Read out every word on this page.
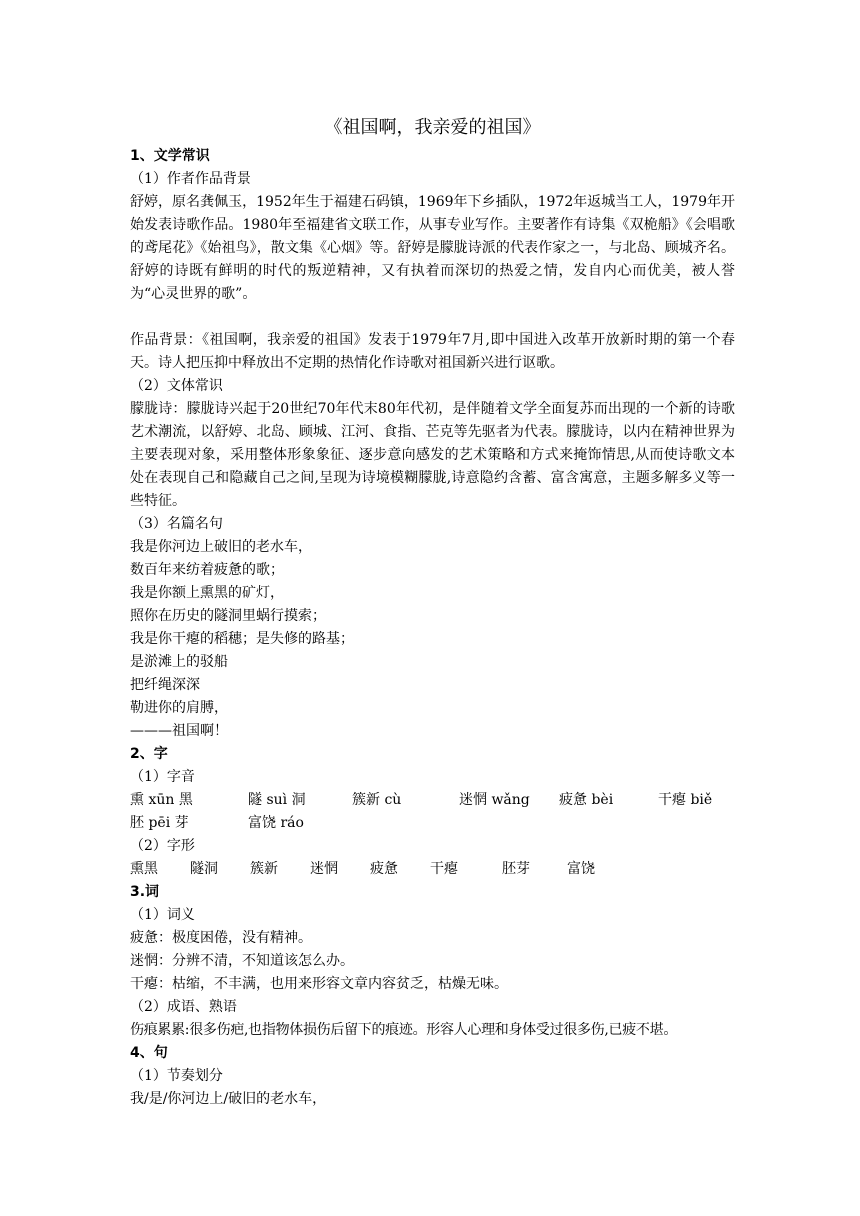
《祖国啊，我亲爱的祖国》
1、文学常识
（1）作者作品背景
舒婷，原名龚佩玉，1952年生于福建石码镇，1969年下乡插队，1972年返城当工人，1979年开始发表诗歌作品。1980年至福建省文联工作，从事专业写作。主要著作有诗集《双桅船》《会唱歌的鸢尾花》《始祖鸟》，散文集《心烟》等。舒婷是朦胧诗派的代表作家之一，与北岛、顾城齐名。舒婷的诗既有鲜明的时代的叛逆精神，又有执着而深切的热爱之情，发自内心而优美，被人誉为“心灵世界的歌”。
作品背景：《祖国啊，我亲爱的祖国》发表于1979年7月,即中国进入改革开放新时期的第一个春天。诗人把压抑中释放出不定期的热情化作诗歌对祖国新兴进行讴歌。
（2）文体常识
朦胧诗：朦胧诗兴起于20世纪70年代末80年代初，是伴随着文学全面复苏而出现的一个新的诗歌艺术潮流，以舒婷、北岛、顾城、江河、食指、芒克等先驱者为代表。朦胧诗，以内在精神世界为主要表现对象，采用整体形象象征、逐步意向感发的艺术策略和方式来掩饰情思,从而使诗歌文本处在表现自己和隐藏自己之间,呈现为诗境模糊朦胧,诗意隐约含蓄、富含寓意，主题多解多义等一些特征。
（3）名篇名句
我是你河边上破旧的老水车，
数百年来纺着疲惫的歌；
我是你额上熏黑的矿灯，
照你在历史的隧洞里蜗行摸索；
我是你干瘪的稻穗；是失修的路基；
是淤滩上的驳船
把纤绳深深
勒进你的肩膊，
———祖国啊！
2、字
（1）字音
熏 xūn 黑	隧 suì 洞	簇新 cù	迷惘 wǎng	疲惫 bèi	干瘪 biě
胚 pēi 芽	富饶 ráo
（2）字形
熏黑	隧洞	簇新	迷惘	疲惫	干瘪	胚芽	富饶
3.词
（1）词义
疲惫：极度困倦，没有精神。
迷惘：分辨不清，不知道该怎么办。
干瘪：枯缩，不丰满，也用来形容文章内容贫乏，枯燥无味。
（2）成语、熟语
伤痕累累:很多伤疤,也指物体损伤后留下的痕迹。形容人心理和身体受过很多伤,已疲不堪。
4、句
（1）节奏划分
我/是/你河边上/破旧的老水车，
